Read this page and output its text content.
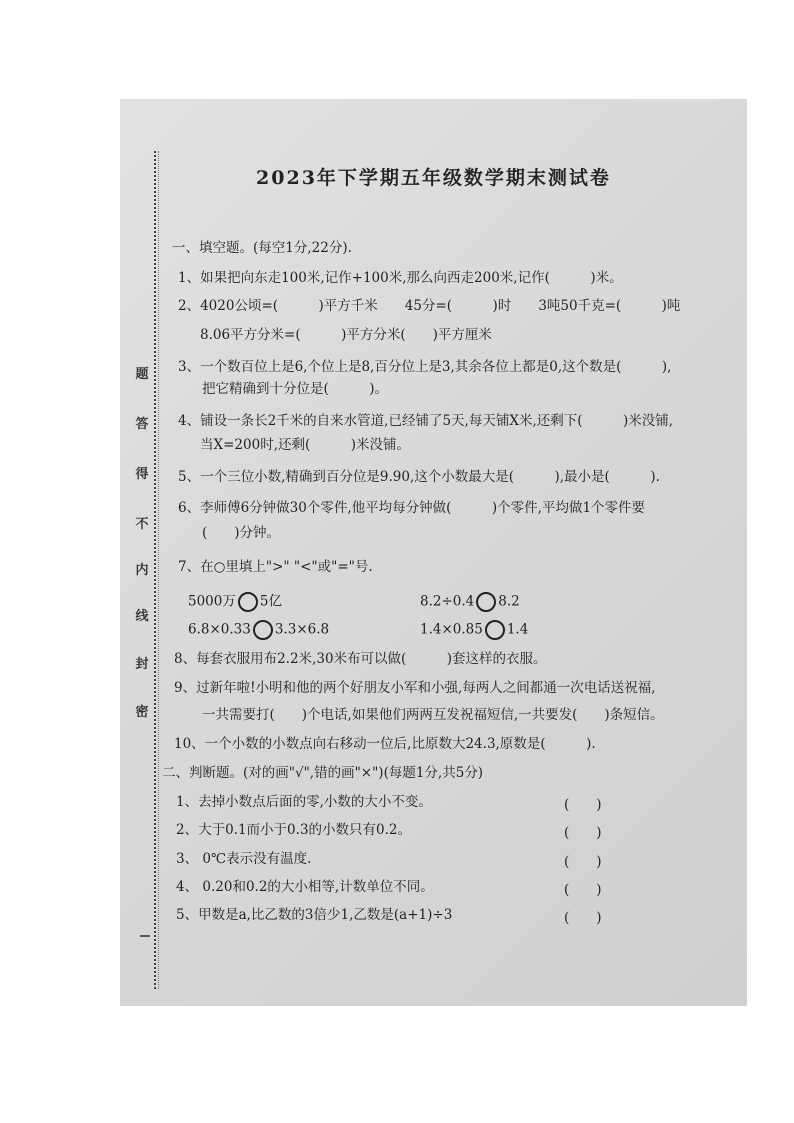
题
答
得
不
内
线
封
密
2023年下学期五年级数学期末测试卷
一、填空题。(每空1分,22分).
1、如果把向东走100米,记作+100米,那么向西走200米,记作(　　　)米。
2、4020公顷=(　　　)平方千米　　45分=(　　　)时　　3吨50千克=(　　　)吨
8.06平方分米=(　　　)平方分米(　　)平方厘米
3、一个数百位上是6,个位上是8,百分位上是3,其余各位上都是0,这个数是(　　　),
把它精确到十分位是(　　　)。
4、铺设一条长2千米的自来水管道,已经铺了5天,每天铺X米,还剩下(　　　)米没铺,
当X=200时,还剩(　　　)米没铺。
5、一个三位小数,精确到百分位是9.90,这个小数最大是(　　　),最小是(　　　).
6、李师傅6分钟做30个零件,他平均每分钟做(　　　)个零件,平均做1个零件要
(　　)分钟。
7、在○里填上">" "<"或"="号.
5000万 5亿	8.2÷0.4 8.2
6.8×0.33 3.3×6.8	1.4×0.85 1.4
8、每套衣服用布2.2米,30米布可以做(　　　)套这样的衣服。
9、过新年啦!小明和他的两个好朋友小军和小强,每两人之间都通一次电话送祝福,
一共需要打(　　)个电话,如果他们两两互发祝福短信,一共要发(　　)条短信。
10、一个小数的小数点向右移动一位后,比原数大24.3,原数是(　　　).
二、判断题。(对的画"√",错的画"×")(每题1分,共5分)
1、去掉小数点后面的零,小数的大小不变。	(　　)
2、大于0.1而小于0.3的小数只有0.2。	(　　)
3、 0℃表示没有温度.	(　　)
4、 0.20和0.2的大小相等,计数单位不同。	(　　)
5、甲数是a,比乙数的3倍少1,乙数是(a+1)÷3	(　　)
